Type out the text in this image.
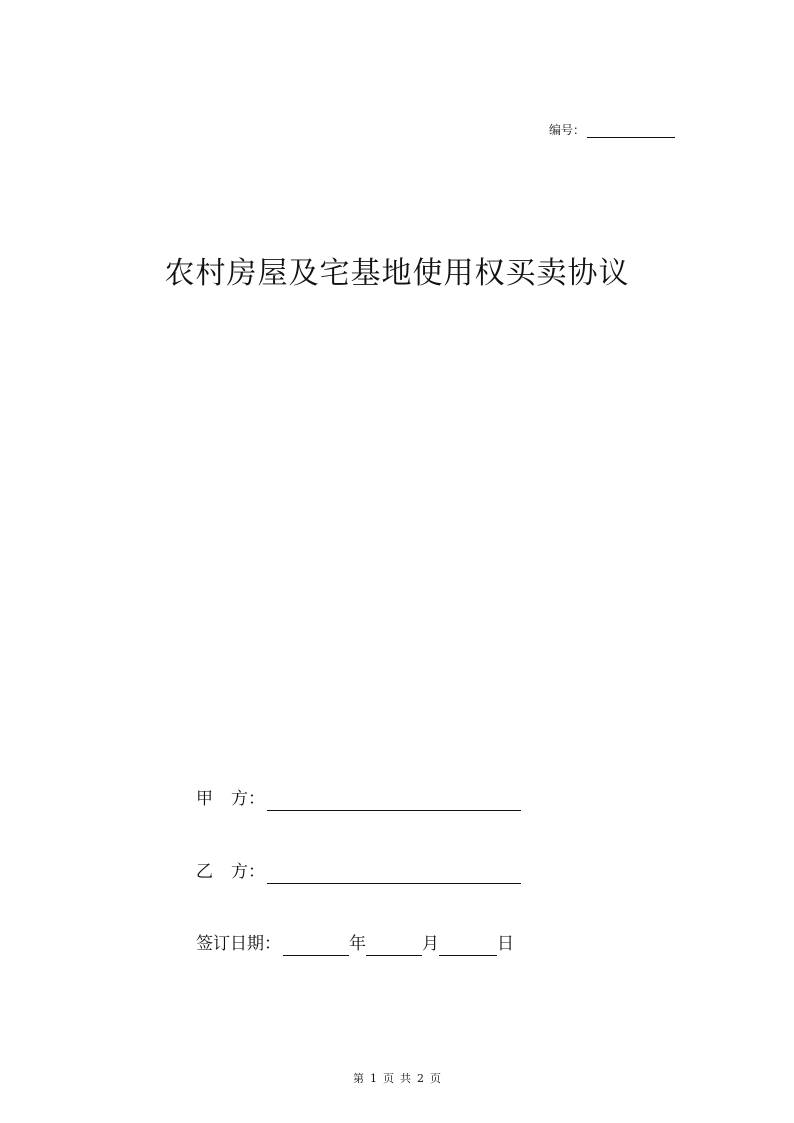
编号：
农村房屋及宅基地使用权买卖协议
甲 方：
乙 方：
签订日期：	年	月	日
第 1 页 共 2 页
